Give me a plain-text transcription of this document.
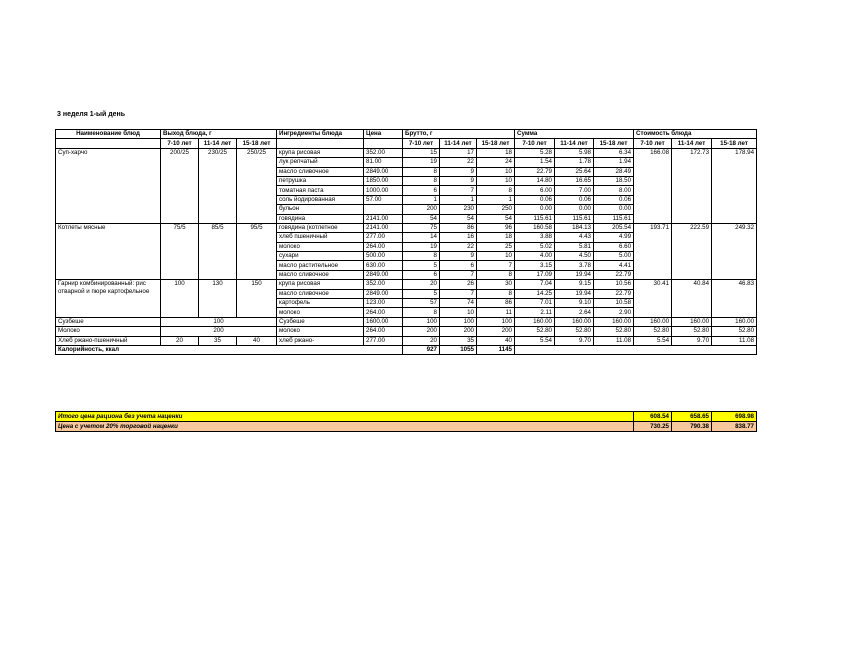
3 неделя 1-ый день
Наименование блюд	Выход блюда, г			Ингредиенты блюда	Цена	Брутто, г			Сумма			Стоимость блюда		
	7-10 лет	11-14 лет	15-18 лет			7-10 лет	11-14 лет	15-18 лет	7-10 лет	11-14 лет	15-18 лет	7-10 лет	11-14 лет	15-18 лет
Суп-харчо	200/25	230/25	250/25	крупа рисовая	352.00	15	17	18	5.28	5.98	6.34	166.08	172.73	178.94
				лук репчатый	81.00	19	22	24	1.54	1.78	1.94			
				масло сливочное	2849.00	8	9	10	22.79	25.64	28.49			
				петрушка	1850.00	8	9	10	14.80	16.65	18.50			
				томатная паста	1000.00	6	7	8	6.00	7.00	8.00			
				соль йодированная	57.00	1	1	1	0.06	0.06	0.06			
				бульон		200	230	250	0.00	0.00	0.00			
				говядина	2141.00	54	54	54	115.61	115.61	115.61			
Котлеты мясные	75/5	85/5	95/5	говядина (котлетное	2141.00	75	86	96	160.58	184.13	205.54	193.71	222.59	249.32
				хлеб пшеничный	277.00	14	16	18	3.88	4.43	4.99			
				молоко	264.00	19	22	25	5.02	5.81	6.60			
				сухари	500.00	8	9	10	4.00	4.50	5.00			
				масло растительное	630.00	5	6	7	3.15	3.78	4.41			
				масло сливочное	2849.00	6	7	8	17.09	19.94	22.79			
Гарнир комбинированный: рис отварной и пюре картофельное	100	130	150	крупа рисовая	352.00	20	26	30	7.04	9.15	10.56	30.41	40.84	46.83
				масло сливочное	2849.00	5	7	8	14.25	19.94	22.79			
				картофель	123.00	57	74	86	7.01	9.10	10.58			
				молоко	264.00	8	10	11	2.11	2.64	2.90			
Сузбеше	100			Сузбеше	1600.00	100	100	100	160.00	160.00	160.00	160.00	160.00	160.00
Молоко	200			молоко	264.00	200	200	200	52.80	52.80	52.80	52.80	52.80	52.80
Хлеб ржано-пшеничный	20	35	40	хлеб ржано-	277.00	20	35	40	5.54	9.70	11.08	5.54	9.70	11.08
Калорийность, ккал						927	1055	1145						
Итого цена рациона без учета наценки	608.54	658.65	698.98
Цена с учетом 20% торговой наценки	730.25	790.38	838.77
